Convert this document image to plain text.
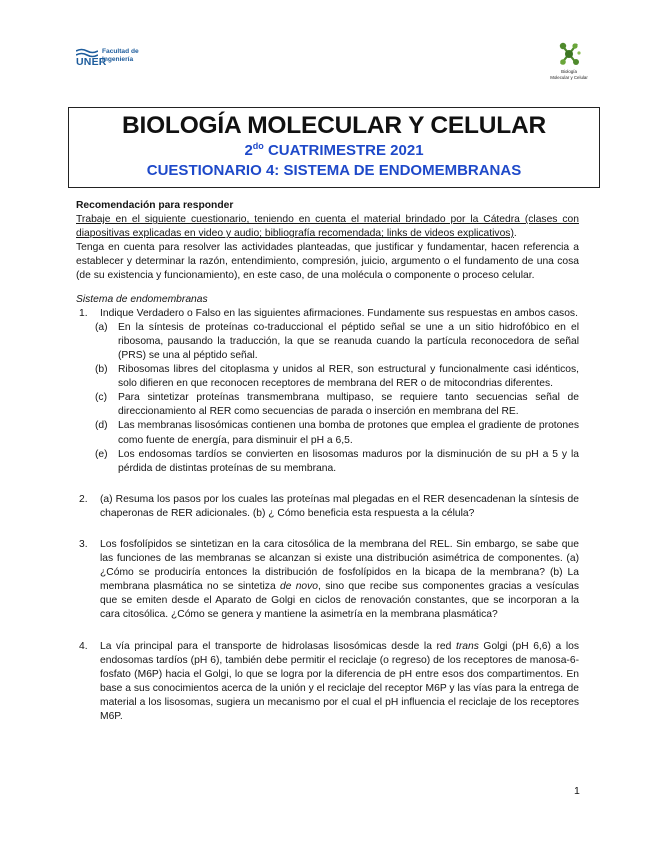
UNER
Facultad de
Ingeniería
Biología
Molecular y Celular
BIOLOGÍA MOLECULAR Y CELULAR
$2^{do}$ CUATRIMESTRE 2021
CUESTIONARIO 4: SISTEMA DE ENDOMEMBRANAS

Recomendación para responder

Trabaje en el siguiente cuestionario, teniendo en cuenta el material brindado por la Cátedra (clases con diapositivas explicadas en video y audio; bibliografía recomendada; links de videos explicativos).

Tenga en cuenta para resolver las actividades planteadas, que justificar y fundamentar, hacen referencia a establecer y determinar la razón, entendimiento, compresión, juicio, argumento o el fundamento de una cosa (de su existencia y funcionamiento), en este caso, de una molécula o componente o proceso celular.

Sistema de endomembranas

1. Indique Verdadero o Falso en las siguientes afirmaciones. Fundamente sus respuestas en ambos casos.

(a) En la síntesis de proteínas co-traduccional el péptido señal se une a un sitio hidrofóbico en el ribosoma, pausando la traducción, la que se reanuda cuando la partícula reconocedora de señal (PRS) se una al péptido señal.

(b) Ribosomas libres del citoplasma y unidos al RER, son estructural y funcionalmente casi idénticos, solo difieren en que reconocen receptores de membrana del RER o de mitocondrias diferentes.

(c) Para sintetizar proteínas transmembrana multipaso, se requiere tanto secuencias señal de direccionamiento al RER como secuencias de parada o inserción en membrana del RE.

(d) Las membranas lisosómicas contienen una bomba de protones que emplea el gradiente de protones como fuente de energía, para disminuir el pH a 6,5.

(e) Los endosomas tardíos se convierten en lisosomas maduros por la disminución de su pH a 5 y la pérdida de distintas proteínas de su membrana.

2. (a) Resuma los pasos por los cuales las proteínas mal plegadas en el RER desencadenan la síntesis de chaperonas de RER adicionales. (b) ¿ Cómo beneficia esta respuesta a la célula?

3. Los fosfolípidos se sintetizan en la cara citosólica de la membrana del REL. Sin embargo, se sabe que las funciones de las membranas se alcanzan si existe una distribución asimétrica de componentes. (a) ¿Cómo se produciría entonces la distribución de fosfolípidos en la bicapa de la membrana? (b) La membrana plasmática no se sintetiza de novo, sino que recibe sus componentes gracias a vesículas que se emiten desde el Aparato de Golgi en ciclos de renovación constantes, que se incorporan a la cara citosólica. ¿Cómo se genera y mantiene la asimetría en la membrana plasmática?

4. La vía principal para el transporte de hidrolasas lisosómicas desde la red trans Golgi (pH 6,6) a los endosomas tardíos (pH 6), también debe permitir el reciclaje (o regreso) de los receptores de manosa-6-fosfato (M6P) hacia el Golgi, lo que se logra por la diferencia de pH entre esos dos compartimentos. En base a sus conocimientos acerca de la unión y el reciclaje del receptor M6P y las vías para la entrega de material a los lisosomas, sugiera un mecanismo por el cual el pH influencia el reciclaje de los receptores M6P.

1
